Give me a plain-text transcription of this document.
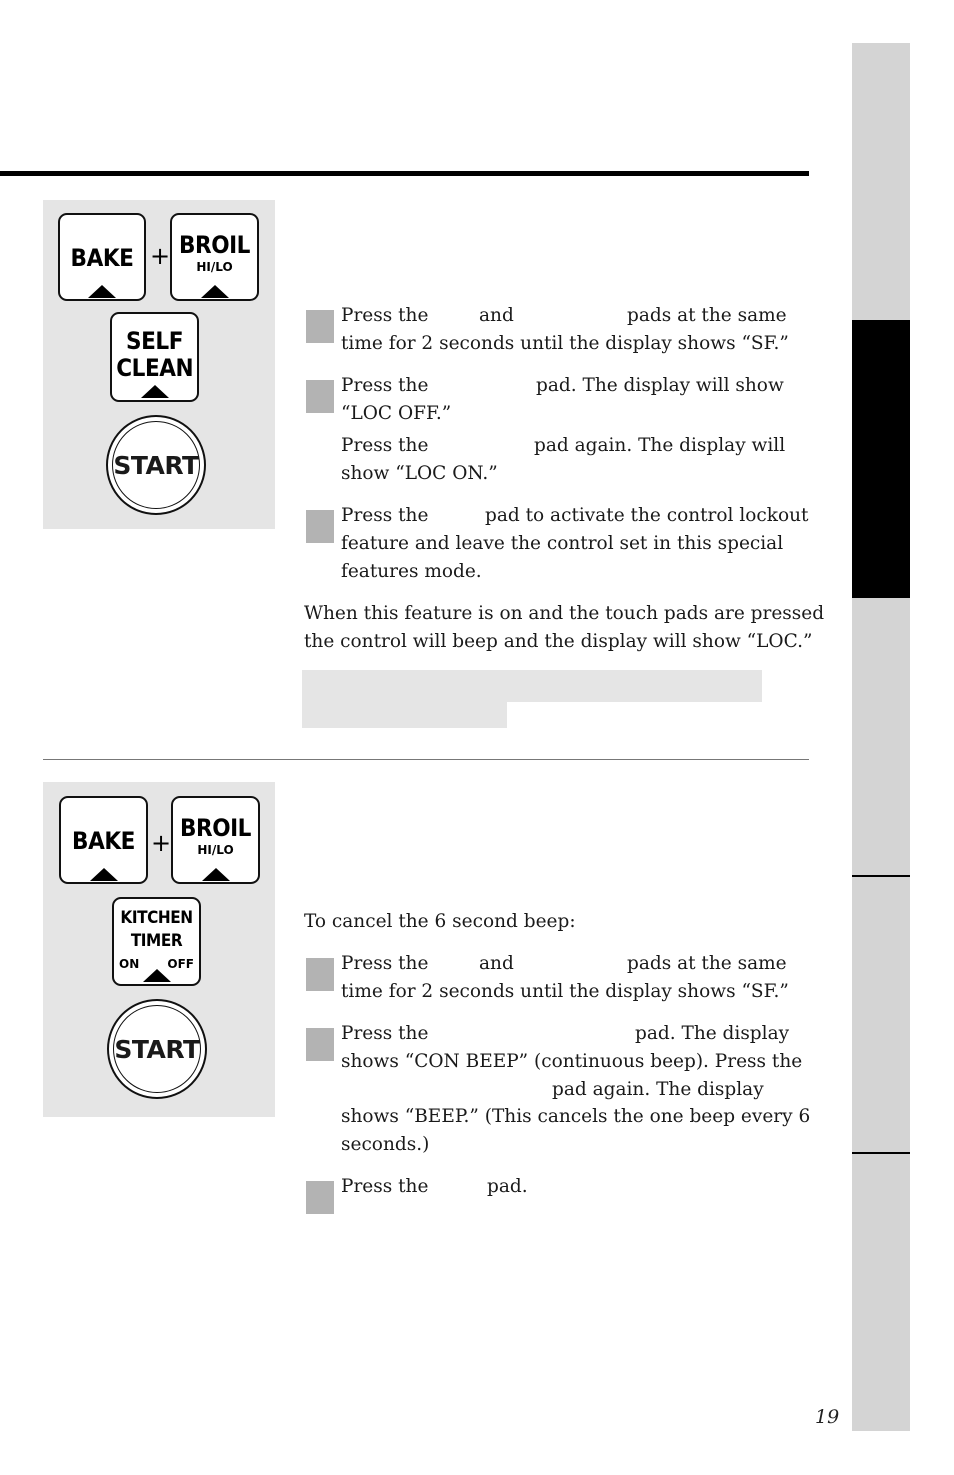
BAKE + BROIL
HI/LO
SELF
CLEAN
START
Press the	and	pads at the same
time for 2 seconds until the display shows “SF.”
Press the	pad. The display will show
“LOC OFF.”
Press the	pad again. The display will
show “LOC ON.”
Press the	pad to activate the control lockout
feature and leave the control set in this special
features mode.
When this feature is on and the touch pads are pressed
the control will beep and the display will show “LOC.”
BAKE +
BROIL
HI/LO
KITCHEN
TIMER
ON OFF
START
To cancel the 6 second beep:
Press the	and	pads at the same
time for 2 seconds until the display shows “SF.”
Press the	pad. The display
shows “CON BEEP” (continuous beep). Press the
pad again. The display
shows “BEEP.” (This cancels the one beep every 6
seconds.)
Press the	pad.
19
